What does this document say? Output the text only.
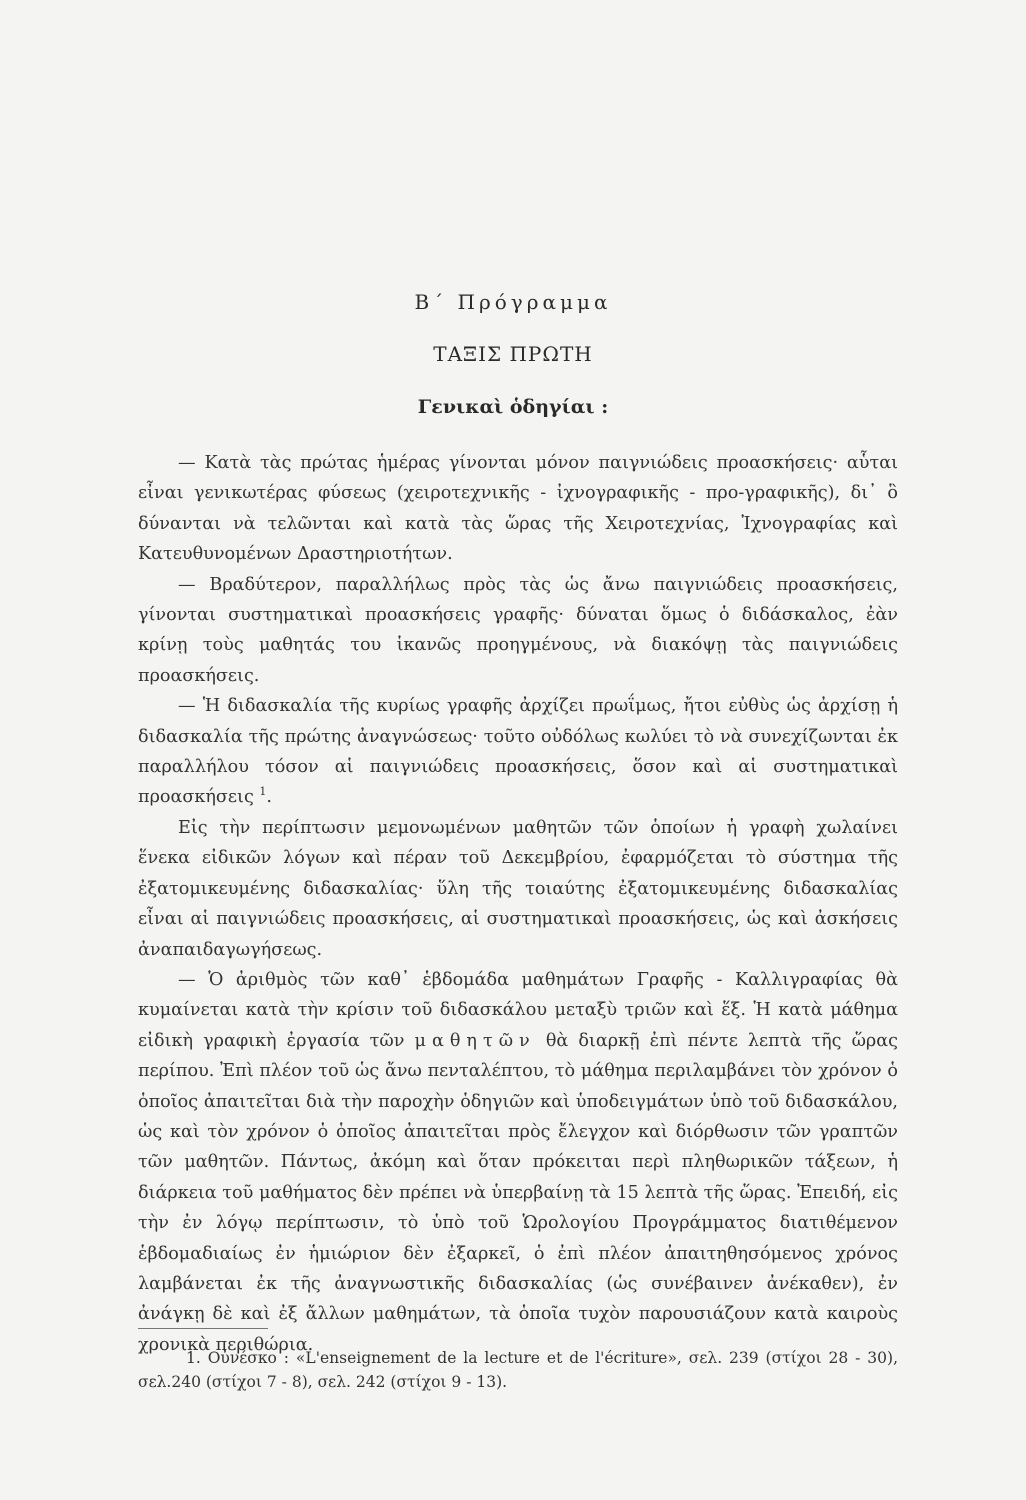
Β΄ Πρόγραμμα
ΤΑΞΙΣ ΠΡΩΤΗ
Γενικαὶ ὁδηγίαι :

— Κατὰ τὰς πρώτας ἡμέρας γίνονται μόνον παιγνιώδεις προασκήσεις· αὗται εἶναι γενικωτέρας φύσεως (χειροτεχνικῆς - ἰχνογραφικῆς - προ-γραφικῆς), δι᾽ ὃ δύνανται νὰ τελῶνται καὶ κατὰ τὰς ὥρας τῆς Χειροτεχνίας, Ἰχνογραφίας καὶ Κατευθυνομένων Δραστηριοτήτων.

— Βραδύτερον, παραλλήλως πρὸς τὰς ὡς ἄνω παιγνιώδεις προασκήσεις, γίνονται συστηματικαὶ προασκήσεις γραφῆς· δύναται ὅμως ὁ διδάσκαλος, ἐὰν κρίνῃ τοὺς μαθητάς του ἱκανῶς προηγμένους, νὰ διακόψῃ τὰς παιγνιώδεις προασκήσεις.

— Ἡ διδασκαλία τῆς κυρίως γραφῆς ἀρχίζει πρωΐμως, ἤτοι εὐθὺς ὡς ἀρχίσῃ ἡ διδασκαλία τῆς πρώτης ἀναγνώσεως· τοῦτο οὐδόλως κωλύει τὸ νὰ συνεχίζωνται ἐκ παραλλήλου τόσον αἱ παιγνιώδεις προασκήσεις, ὅσον καὶ αἱ συστηματικαὶ προασκήσεις $^1$.

Εἰς τὴν περίπτωσιν μεμονωμένων μαθητῶν τῶν ὁποίων ἡ γραφὴ χωλαίνει ἕνεκα εἰδικῶν λόγων καὶ πέραν τοῦ Δεκεμβρίου, ἐφαρμόζεται τὸ σύστημα τῆς ἐξατομικευμένης διδασκαλίας· ὕλη τῆς τοιαύτης ἐξατομικευμένης διδασκαλίας εἶναι αἱ παιγνιώδεις προασκήσεις, αἱ συστηματικαὶ προασκήσεις, ὡς καὶ ἀσκήσεις ἀναπαιδαγωγήσεως.

— Ὁ ἀριθμὸς τῶν καθ᾽ ἑβδομάδα μαθημάτων Γραφῆς - Καλλιγραφίας θὰ κυμαίνεται κατὰ τὴν κρίσιν τοῦ διδασκάλου μεταξὺ τριῶν καὶ ἕξ. Ἡ κατὰ μάθημα εἰδικὴ γραφικὴ ἐργασία τῶν μαθητῶν θὰ διαρκῇ ἐπὶ πέντε λεπτὰ τῆς ὥρας περίπου. Ἐπὶ πλέον τοῦ ὡς ἄνω πενταλέπτου, τὸ μάθημα περιλαμβάνει τὸν χρόνον ὁ ὁποῖος ἀπαιτεῖται διὰ τὴν παροχὴν ὁδηγιῶν καὶ ὑποδειγμάτων ὑπὸ τοῦ διδασκάλου, ὡς καὶ τὸν χρόνον ὁ ὁποῖος ἀπαιτεῖται πρὸς ἔλεγχον καὶ διόρθωσιν τῶν γραπτῶν τῶν μαθητῶν. Πάντως, ἀκόμη καὶ ὅταν πρόκειται περὶ πληθωρικῶν τάξεων, ἡ διάρκεια τοῦ μαθήματος δὲν πρέπει νὰ ὑπερβαίνῃ τὰ 15 λεπτὰ τῆς ὥρας. Ἐπειδή, εἰς τὴν ἐν λόγῳ περίπτωσιν, τὸ ὑπὸ τοῦ Ὡρολογίου Προγράμματος διατιθέμενον ἑβδομαδιαίως ἐν ἡμιώριον δὲν ἐξαρκεῖ, ὁ ἐπὶ πλέον ἀπαιτηθησόμενος χρόνος λαμβάνεται ἐκ τῆς ἀναγνωστικῆς διδασκαλίας (ὡς συνέβαινεν ἀνέκαθεν), ἐν ἀνάγκῃ δὲ καὶ ἐξ ἄλλων μαθημάτων, τὰ ὁποῖα τυχὸν παρουσιάζουν κατὰ καιροὺς χρονικὰ περιθώρια.

1. Οὐνέσκο : «L'enseignement de la lecture et de l'écriture», σελ. 239 (στίχοι 28 - 30), σελ.240 (στίχοι 7 - 8), σελ. 242 (στίχοι 9 - 13).
